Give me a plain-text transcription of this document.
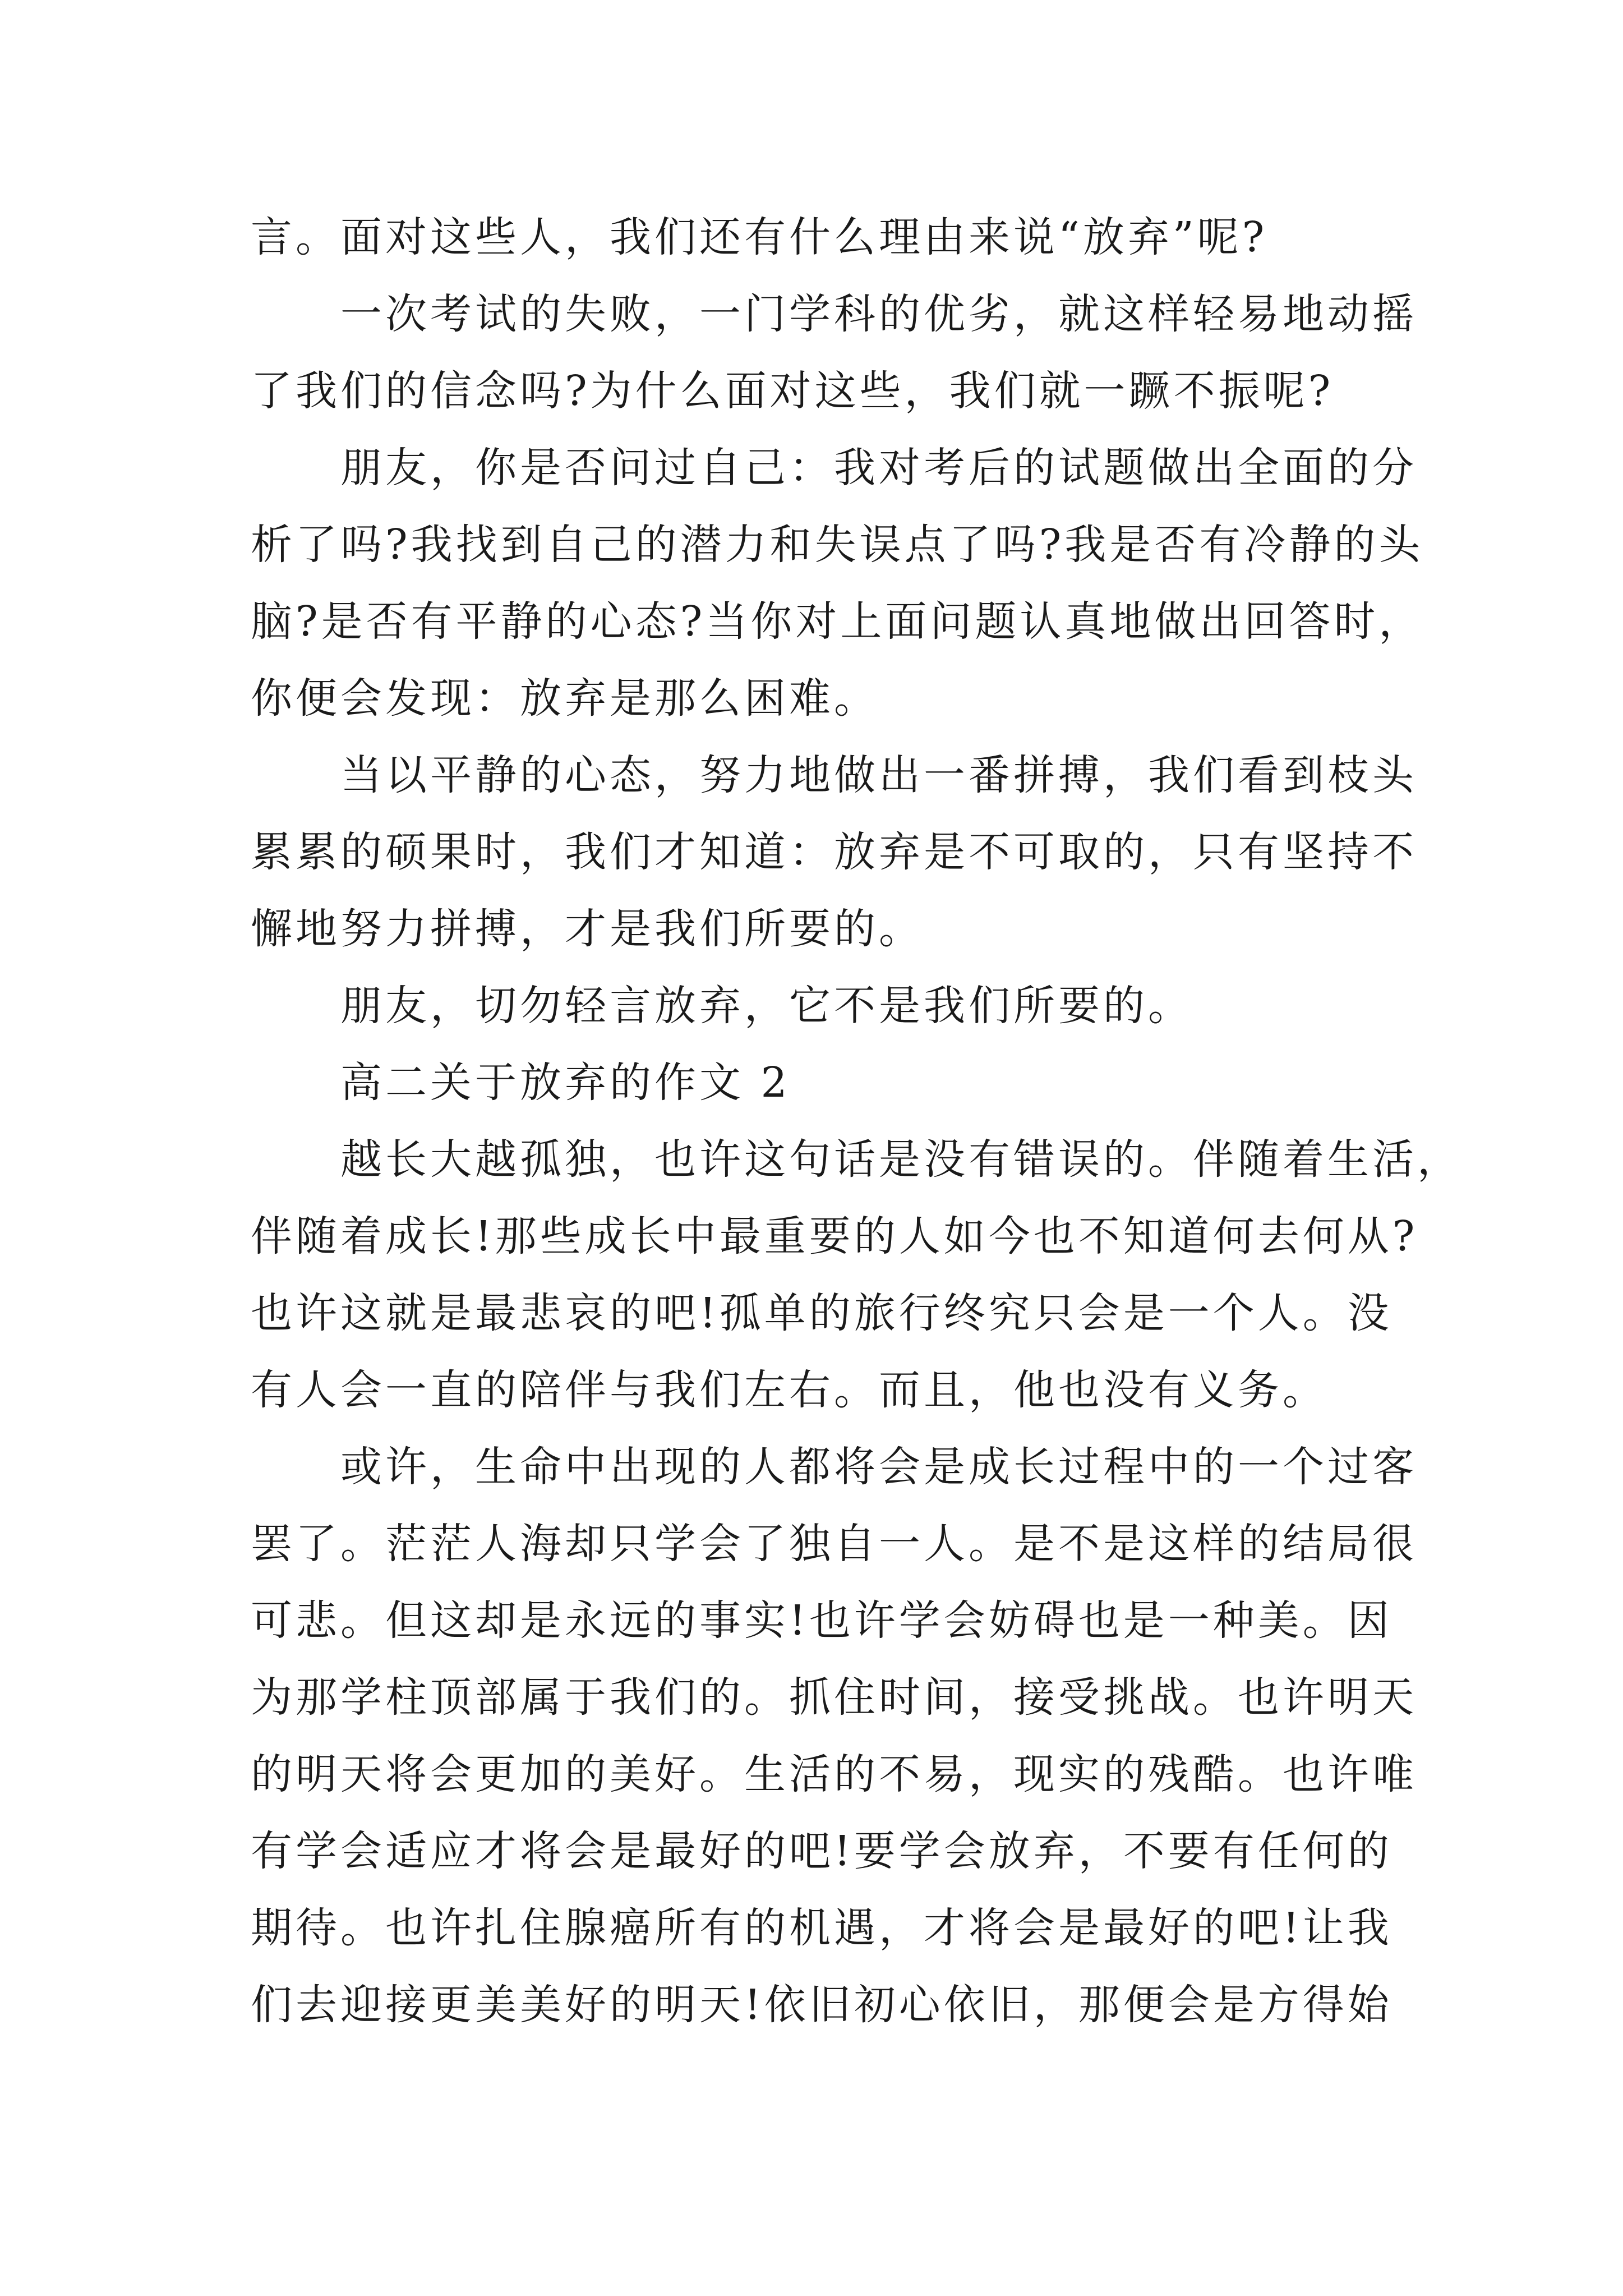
言。面对这些人，我们还有什么理由来说“放弃”呢?
一次考试的失败，一门学科的优劣，就这样轻易地动摇
了我们的信念吗?为什么面对这些，我们就一蹶不振呢?
朋友，你是否问过自己：我对考后的试题做出全面的分
析了吗?我找到自己的潜力和失误点了吗?我是否有冷静的头
脑?是否有平静的心态?当你对上面问题认真地做出回答时，
你便会发现：放弃是那么困难。
当以平静的心态，努力地做出一番拼搏，我们看到枝头
累累的硕果时，我们才知道：放弃是不可取的，只有坚持不
懈地努力拼搏，才是我们所要的。
朋友，切勿轻言放弃，它不是我们所要的。
高二关于放弃的作文 2
越长大越孤独，也许这句话是没有错误的。伴随着生活，
伴随着成长!那些成长中最重要的人如今也不知道何去何从?
也许这就是最悲哀的吧!孤单的旅行终究只会是一个人。没
有人会一直的陪伴与我们左右。而且，他也没有义务。
或许，生命中出现的人都将会是成长过程中的一个过客
罢了。茫茫人海却只学会了独自一人。是不是这样的结局很
可悲。但这却是永远的事实!也许学会妨碍也是一种美。因
为那学柱顶部属于我们的。抓住时间，接受挑战。也许明天
的明天将会更加的美好。生活的不易，现实的残酷。也许唯
有学会适应才将会是最好的吧!要学会放弃，不要有任何的
期待。也许扎住腺癌所有的机遇，才将会是最好的吧!让我
们去迎接更美美好的明天!依旧初心依旧，那便会是方得始
